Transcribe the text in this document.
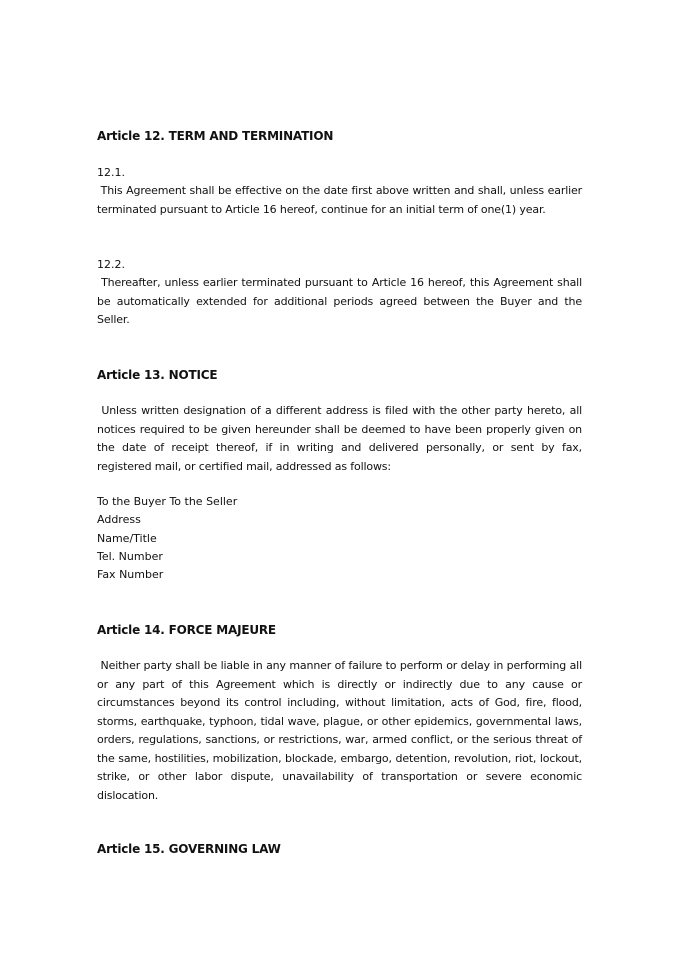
Article 12. TERM AND TERMINATION
12.1.
This Agreement shall be effective on the date first above written and shall, unless earlier terminated pursuant to Article 16 hereof, continue for an initial term of one(1) year.
12.2.
Thereafter, unless earlier terminated pursuant to Article 16 hereof, this Agreement shall be automatically extended for additional periods agreed between the Buyer and the Seller.
Article 13. NOTICE
Unless written designation of a different address is filed with the other party hereto, all notices required to be given hereunder shall be deemed to have been properly given on the date of receipt thereof, if in writing and delivered personally, or sent by fax, registered mail, or certified mail, addressed as follows:
To the Buyer To the Seller
Address
Name/Title
Tel. Number
Fax Number
Article 14. FORCE MAJEURE
Neither party shall be liable in any manner of failure to perform or delay in performing all or any part of this Agreement which is directly or indirectly due to any cause or circumstances beyond its control including, without limitation, acts of God, fire, flood, storms, earthquake, typhoon, tidal wave, plague, or other epidemics, governmental laws, orders, regulations, sanctions, or restrictions, war, armed conflict, or the serious threat of the same, hostilities, mobilization, blockade, embargo, detention, revolution, riot, lockout, strike, or other labor dispute, unavailability of transportation or severe economic dislocation.
Article 15. GOVERNING LAW
